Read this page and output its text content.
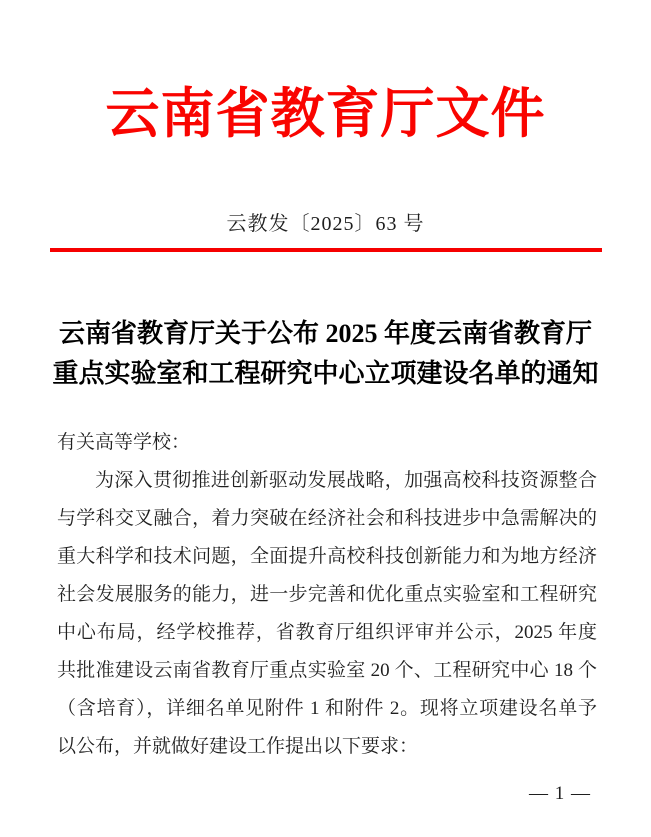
云南省教育厅文件
云教发〔2025〕63 号
云南省教育厅关于公布 2025 年度云南省教育厅
重点实验室和工程研究中心立项建设名单的通知
有关高等学校：
为深入贯彻推进创新驱动发展战略，加强高校科技资源整合
与学科交叉融合，着力突破在经济社会和科技进步中急需解决的
重大科学和技术问题，全面提升高校科技创新能力和为地方经济
社会发展服务的能力，进一步完善和优化重点实验室和工程研究
中心布局，经学校推荐，省教育厅组织评审并公示，2025 年度
共批准建设云南省教育厅重点实验室 20 个、工程研究中心 18 个
（含培育），详细名单见附件 1 和附件 2。现将立项建设名单予
以公布，并就做好建设工作提出以下要求：
— 1 —
